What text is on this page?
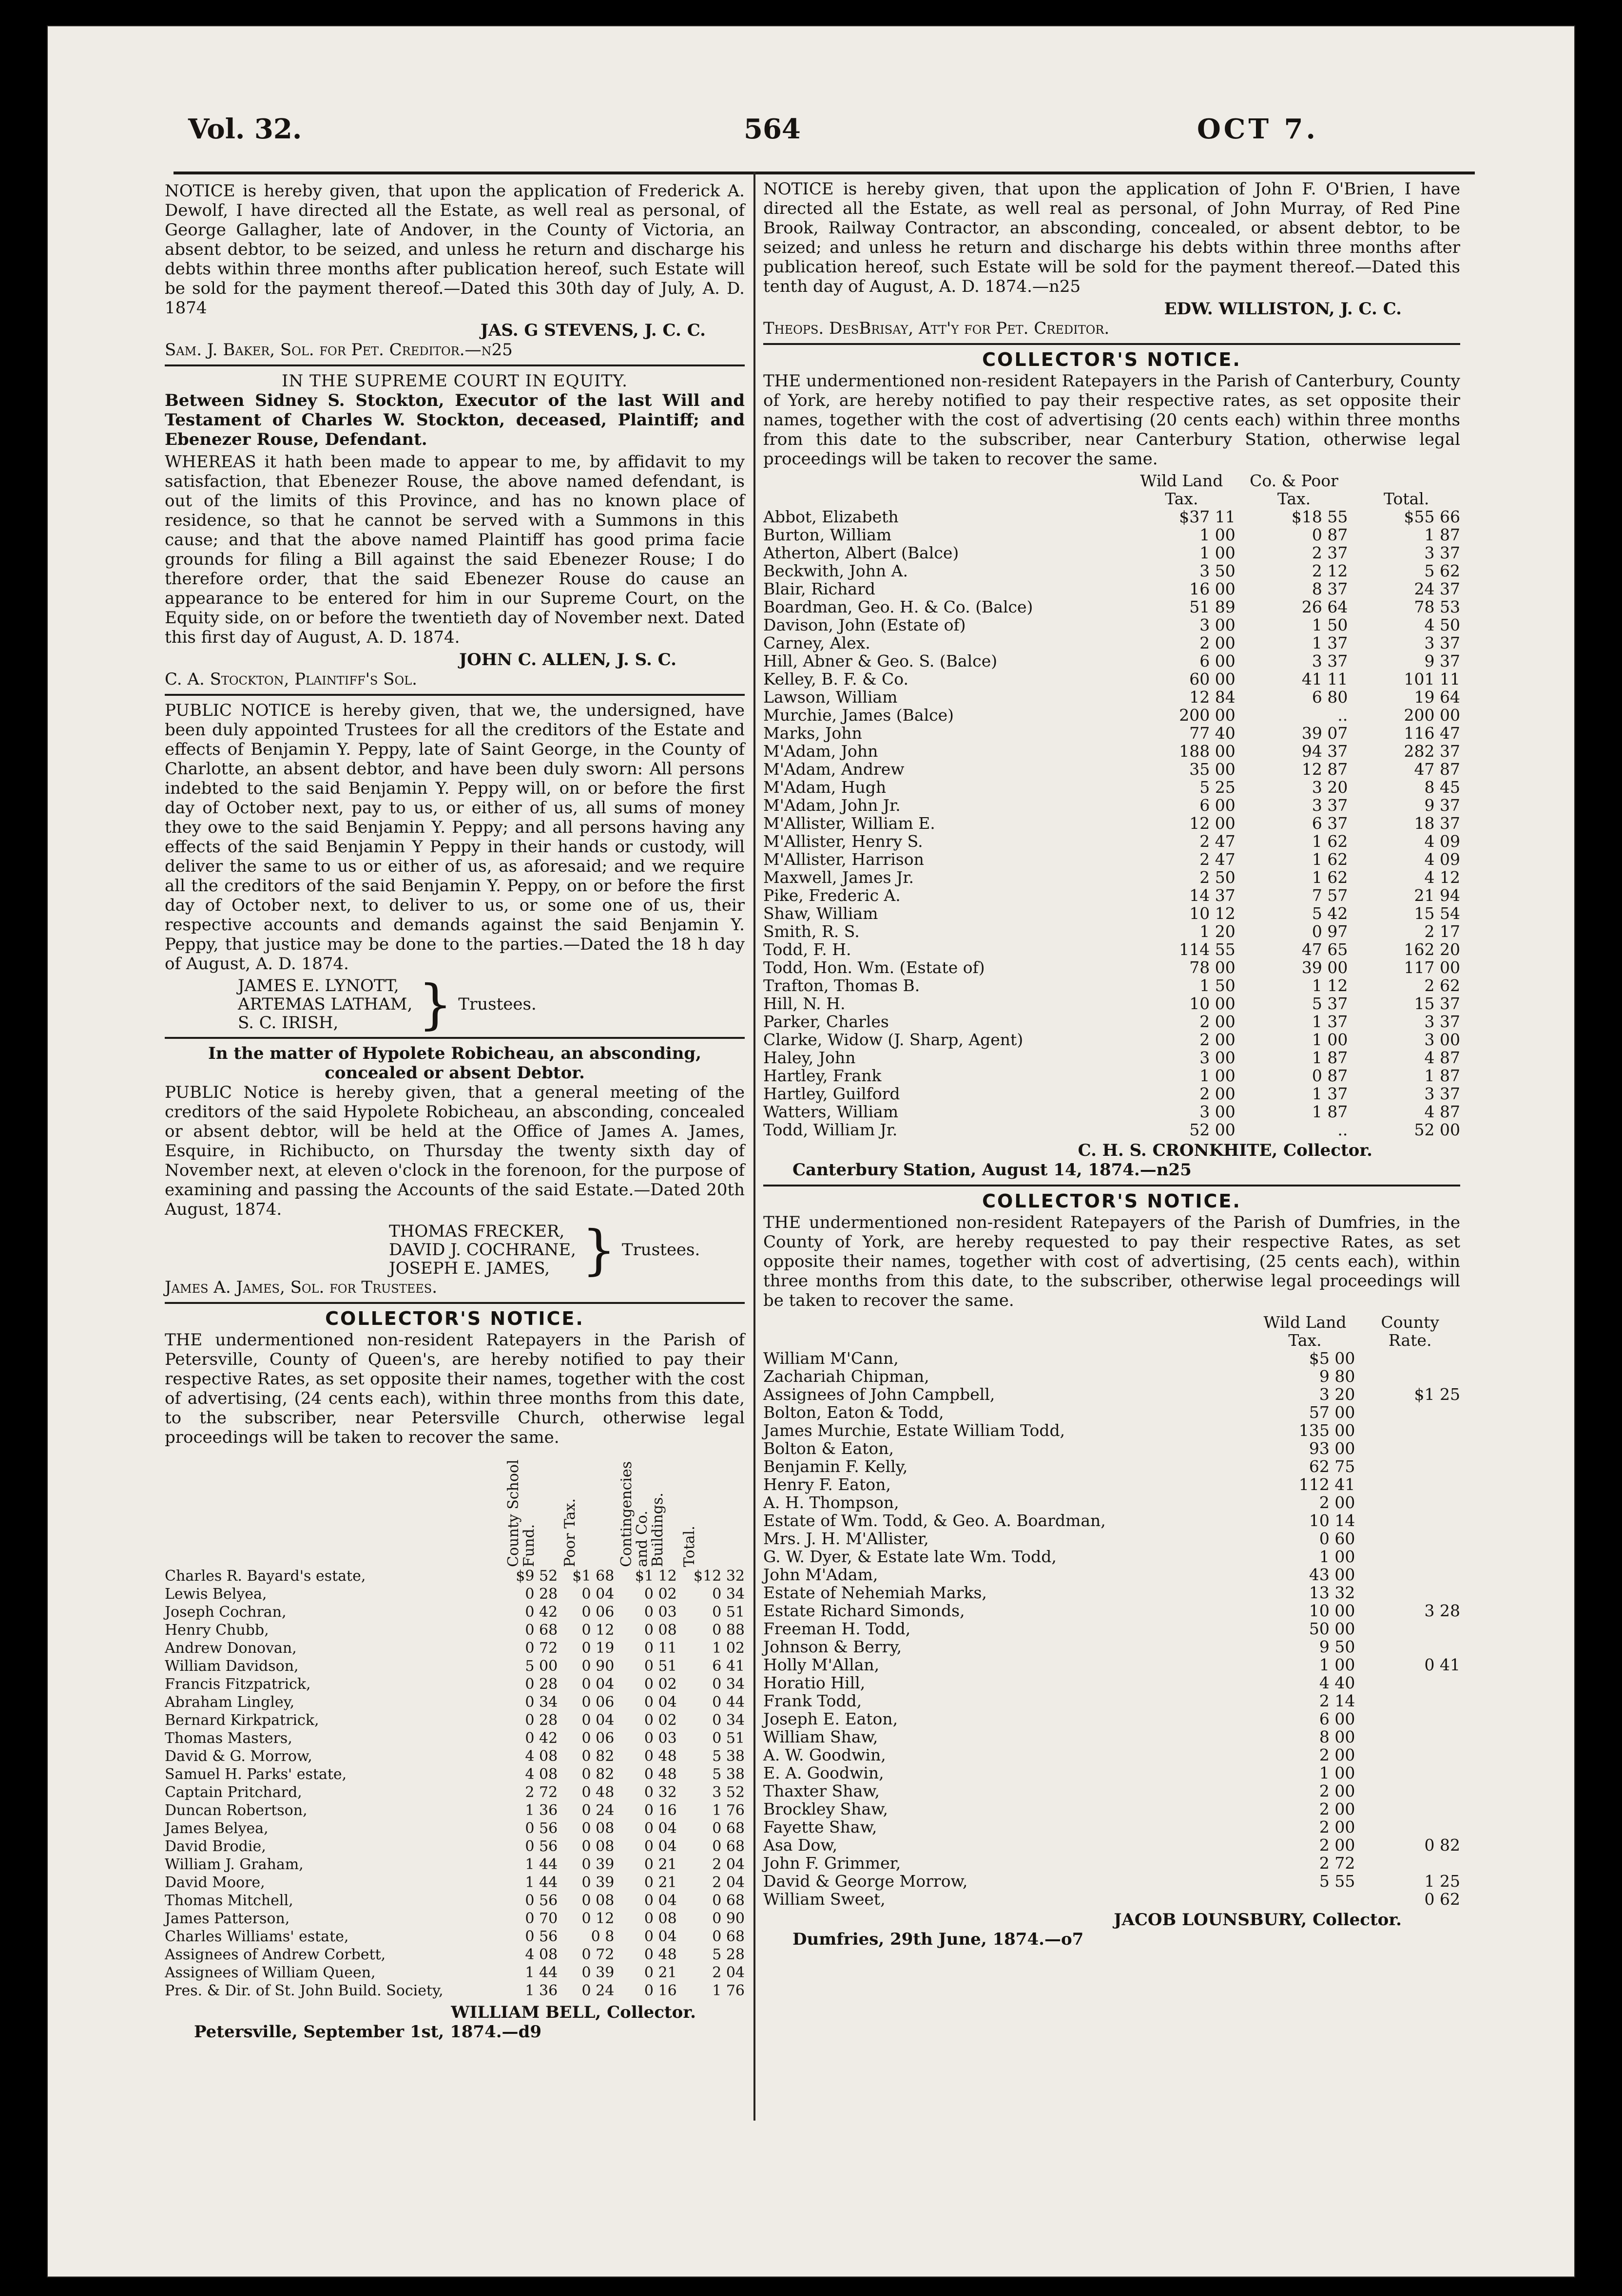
Vol. 32.	564	OCT 7.

NOTICE is hereby given, that upon the application of Frederick A. Dewolf, I have directed all the Estate, as well real as personal, of George Gallagher, late of Andover, in the County of Victoria, an absent debtor, to be seized, and unless he return and discharge his debts within three months after publication hereof, such Estate will be sold for the payment thereof.—Dated this 30th day of July, A. D. 1874

JAS. G STEVENS, J. C. C.
Sam. J. Baker, Sol. for Pet. Creditor.—n25
IN THE SUPREME COURT IN EQUITY.

Between Sidney S. Stockton, Executor of the last Will and Testament of Charles W. Stockton, deceased, Plaintiff; and Ebenezer Rouse, Defendant.

WHEREAS it hath been made to appear to me, by affidavit to my satisfaction, that Ebenezer Rouse, the above named defendant, is out of the limits of this Province, and has no known place of residence, so that he cannot be served with a Summons in this cause; and that the above named Plaintiff has good prima facie grounds for filing a Bill against the said Ebenezer Rouse; I do therefore order, that the said Ebenezer Rouse do cause an appearance to be entered for him in our Supreme Court, on the Equity side, on or before the twentieth day of November next. Dated this first day of August, A. D. 1874.

JOHN C. ALLEN, J. S. C.
C. A. Stockton, Plaintiff's Sol.

PUBLIC NOTICE is hereby given, that we, the undersigned, have been duly appointed Trustees for all the creditors of the Estate and effects of Benjamin Y. Peppy, late of Saint George, in the County of Charlotte, an absent debtor, and have been duly sworn: All persons indebted to the said Benjamin Y. Peppy will, on or before the first day of October next, pay to us, or either of us, all sums of money they owe to the said Benjamin Y. Peppy; and all persons having any effects of the said Benjamin Y Peppy in their hands or custody, will deliver the same to us or either of us, as aforesaid; and we require all the creditors of the said Benjamin Y. Peppy, on or before the first day of October next, to deliver to us, or some one of us, their respective accounts and demands against the said Benjamin Y. Peppy, that justice may be done to the parties.—Dated the 18 h day of August, A. D. 1874.

JAMES E. LYNOTT,
ARTEMAS LATHAM,
S. C. IRISH,	} Trustees.
In the matter of Hypolete Robicheau, an absconding, concealed or absent Debtor.

PUBLIC Notice is hereby given, that a general meeting of the creditors of the said Hypolete Robicheau, an absconding, concealed or absent debtor, will be held at the Office of James A. James, Esquire, in Richibucto, on Thursday the twenty sixth day of November next, at eleven o'clock in the forenoon, for the purpose of examining and passing the Accounts of the said Estate.—Dated 20th August, 1874.

THOMAS FRECKER,
DAVID J. COCHRANE,
JOSEPH E. JAMES, } Trustees.
James A. James, Sol. for Trustees.
COLLECTOR'S NOTICE.

THE undermentioned non-resident Ratepayers in the Parish of Petersville, County of Queen's, are hereby notified to pay their respective Rates, as set opposite their names, together with the cost of advertising, (24 cents each), within three months from this date, to the subscriber, near Petersville Church, otherwise legal proceedings will be taken to recover the same.

	County School Fund.	Poor Tax.	Contingencies and Co. Buildings.	Total.

Charles R. Bayard's estate,	$9 52	$1 68	$1 12	$12 32
Lewis Belyea,	0 28	0 04	0 02	0 34
Joseph Cochran,	0 42	0 06	0 03	0 51
Henry Chubb,	0 68	0 12	0 08	0 88
Andrew Donovan,	0 72	0 19	0 11	1 02
William Davidson,	5 00	0 90	0 51	6 41
Francis Fitzpatrick,	0 28	0 04	0 02	0 34
Abraham Lingley,	0 34	0 06	0 04	0 44
Bernard Kirkpatrick,	0 28	0 04	0 02	0 34
Thomas Masters,	0 42	0 06	0 03	0 51
David & G. Morrow,	4 08	0 82	0 48	5 38
Samuel H. Parks' estate,	4 08	0 82	0 48	5 38
Captain Pritchard,	2 72	0 48	0 32	3 52
Duncan Robertson,	1 36	0 24	0 16	1 76
James Belyea,	0 56	0 08	0 04	0 68
David Brodie,	0 56	0 08	0 04	0 68
William J. Graham,	1 44	0 39	0 21	2 04
David Moore,	1 44	0 39	0 21	2 04
Thomas Mitchell,	0 56	0 08	0 04	0 68
James Patterson,	0 70	0 12	0 08	0 90
Charles Williams' estate,	0 56	0 8	0 04	0 68
Assignees of Andrew Corbett,	4 08	0 72	0 48	5 28
Assignees of William Queen,	1 44	0 39	0 21	2 04
Pres. & Dir. of St. John Build. Society,	1 36	0 24	0 16	1 76
WILLIAM BELL, Collector.
Petersville, September 1st, 1874.—d9

NOTICE is hereby given, that upon the application of John F. O'Brien, I have directed all the Estate, as well real as personal, of John Murray, of Red Pine Brook, Railway Contractor, an absconding, concealed, or absent debtor, to be seized; and unless he return and discharge his debts within three months after publication hereof, such Estate will be sold for the payment thereof.—Dated this tenth day of August, A. D. 1874.—n25

EDW. WILLISTON, J. C. C.
Theops. DesBrisay, Att'y for Pet. Creditor.
COLLECTOR'S NOTICE.

THE undermentioned non-resident Ratepayers in the Parish of Canterbury, County of York, are hereby notified to pay their respective rates, as set opposite their names, together with the cost of advertising (20 cents each) within three months from this date to the subscriber, near Canterbury Station, otherwise legal proceedings will be taken to recover the same.

	Wild Land Tax.	Co. & Poor Tax.	Total.
Abbot, Elizabeth	$37 11	$18 55	$55 66
Burton, William	1 00	0 87	1 87
Atherton, Albert (Balce)	1 00	2 37	3 37
Beckwith, John A.	3 50	2 12	5 62
Blair, Richard	16 00	8 37	24 37
Boardman, Geo. H. & Co. (Balce)	51 89	26 64	78 53
Davison, John (Estate of)	3 00	1 50	4 50
Carney, Alex.	2 00	1 37	3 37
Hill, Abner & Geo. S. (Balce)	6 00	3 37	9 37
Kelley, B. F. & Co.	60 00	41 11	101 11
Lawson, William	12 84	6 80	19 64
Murchie, James (Balce)	200 00	..	200 00
Marks, John	77 40	39 07	116 47
M'Adam, John	188 00	94 37	282 37
M'Adam, Andrew	35 00	12 87	47 87
M'Adam, Hugh	5 25	3 20	8 45
M'Adam, John Jr.	6 00	3 37	9 37
M'Allister, William E.	12 00	6 37	18 37
M'Allister, Henry S.	2 47	1 62	4 09
M'Allister, Harrison	2 47	1 62	4 09
Maxwell, James Jr.	2 50	1 62	4 12
Pike, Frederic A.	14 37	7 57	21 94
Shaw, William	10 12	5 42	15 54
Smith, R. S.	1 20	0 97	2 17
Todd, F. H.	114 55	47 65	162 20
Todd, Hon. Wm. (Estate of)	78 00	39 00	117 00
Trafton, Thomas B.	1 50	1 12	2 62
Hill, N. H.	10 00	5 37	15 37
Parker, Charles	2 00	1 37	3 37
Clarke, Widow (J. Sharp, Agent)	2 00	1 00	3 00
Haley, John	3 00	1 87	4 87
Hartley, Frank	1 00	0 87	1 87
Hartley, Guilford	2 00	1 37	3 37
Watters, William	3 00	1 87	4 87
Todd, William Jr.	52 00	..	52 00
C. H. S. CRONKHITE, Collector.
Canterbury Station, August 14, 1874.—n25
COLLECTOR'S NOTICE.

THE undermentioned non-resident Ratepayers of the Parish of Dumfries, in the County of York, are hereby requested to pay their respective Rates, as set opposite their names, together with cost of advertising, (25 cents each), within three months from this date, to the subscriber, otherwise legal proceedings will be taken to recover the same.

	Wild Land Tax.	County Rate.
William M'Cann,	$5 00	
Zachariah Chipman,	9 80	
Assignees of John Campbell,	3 20	$1 25
Bolton, Eaton & Todd,	57 00	
James Murchie, Estate William Todd,	135 00	
Bolton & Eaton,	93 00	
Benjamin F. Kelly,	62 75	
Henry F. Eaton,	112 41	
A. H. Thompson,	2 00	
Estate of Wm. Todd, & Geo. A. Boardman,	10 14	
Mrs. J. H. M'Allister,	0 60	
G. W. Dyer, & Estate late Wm. Todd,	1 00	
John M'Adam,	43 00	
Estate of Nehemiah Marks,	13 32	
Estate Richard Simonds,	10 00	3 28
Freeman H. Todd,	50 00	
Johnson & Berry,	9 50	
Holly M'Allan,	1 00	0 41
Horatio Hill,	4 40	
Frank Todd,	2 14	
Joseph E. Eaton,	6 00	
William Shaw,	8 00	
A. W. Goodwin,	2 00	
E. A. Goodwin,	1 00	
Thaxter Shaw,	2 00	
Brockley Shaw,	2 00	
Fayette Shaw,	2 00	
Asa Dow,	2 00	0 82
John F. Grimmer,	2 72	
David & George Morrow,	5 55	1 25
William Sweet,		0 62
JACOB LOUNSBURY, Collector.
Dumfries, 29th June, 1874.—o7
